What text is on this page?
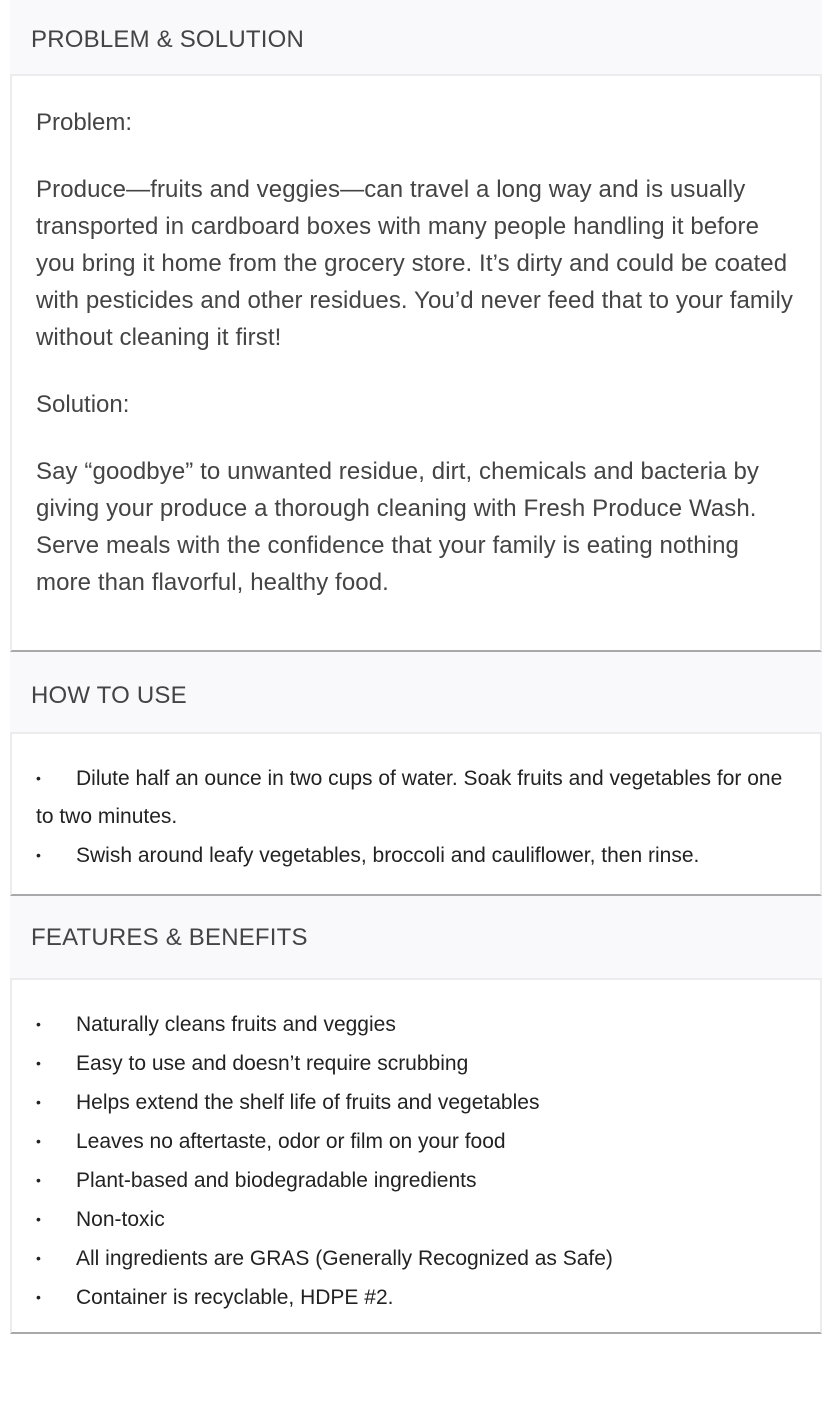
PROBLEM & SOLUTION

Problem:

Produce—fruits and veggies—can travel a long way and is usually transported in cardboard boxes with many people handling it before you bring it home from the grocery store. It’s dirty and could be coated with pesticides and other residues. You’d never feed that to your family without cleaning it first!

Solution:

Say “goodbye” to unwanted residue, dirt, chemicals and bacteria by giving your produce a thorough cleaning with Fresh Produce Wash. Serve meals with the confidence that your family is eating nothing more than flavorful, healthy food.

HOW TO USE

• Dilute half an ounce in two cups of water. Soak fruits and vegetables for one to two minutes.

• Swish around leafy vegetables, broccoli and cauliflower, then rinse.

FEATURES & BENEFITS
• Naturally cleans fruits and veggies
• Easy to use and doesn’t require scrubbing
• Helps extend the shelf life of fruits and vegetables
• Leaves no aftertaste, odor or film on your food
• Plant-based and biodegradable ingredients
• Non-toxic
• All ingredients are GRAS (Generally Recognized as Safe)
• Container is recyclable, HDPE #2.
